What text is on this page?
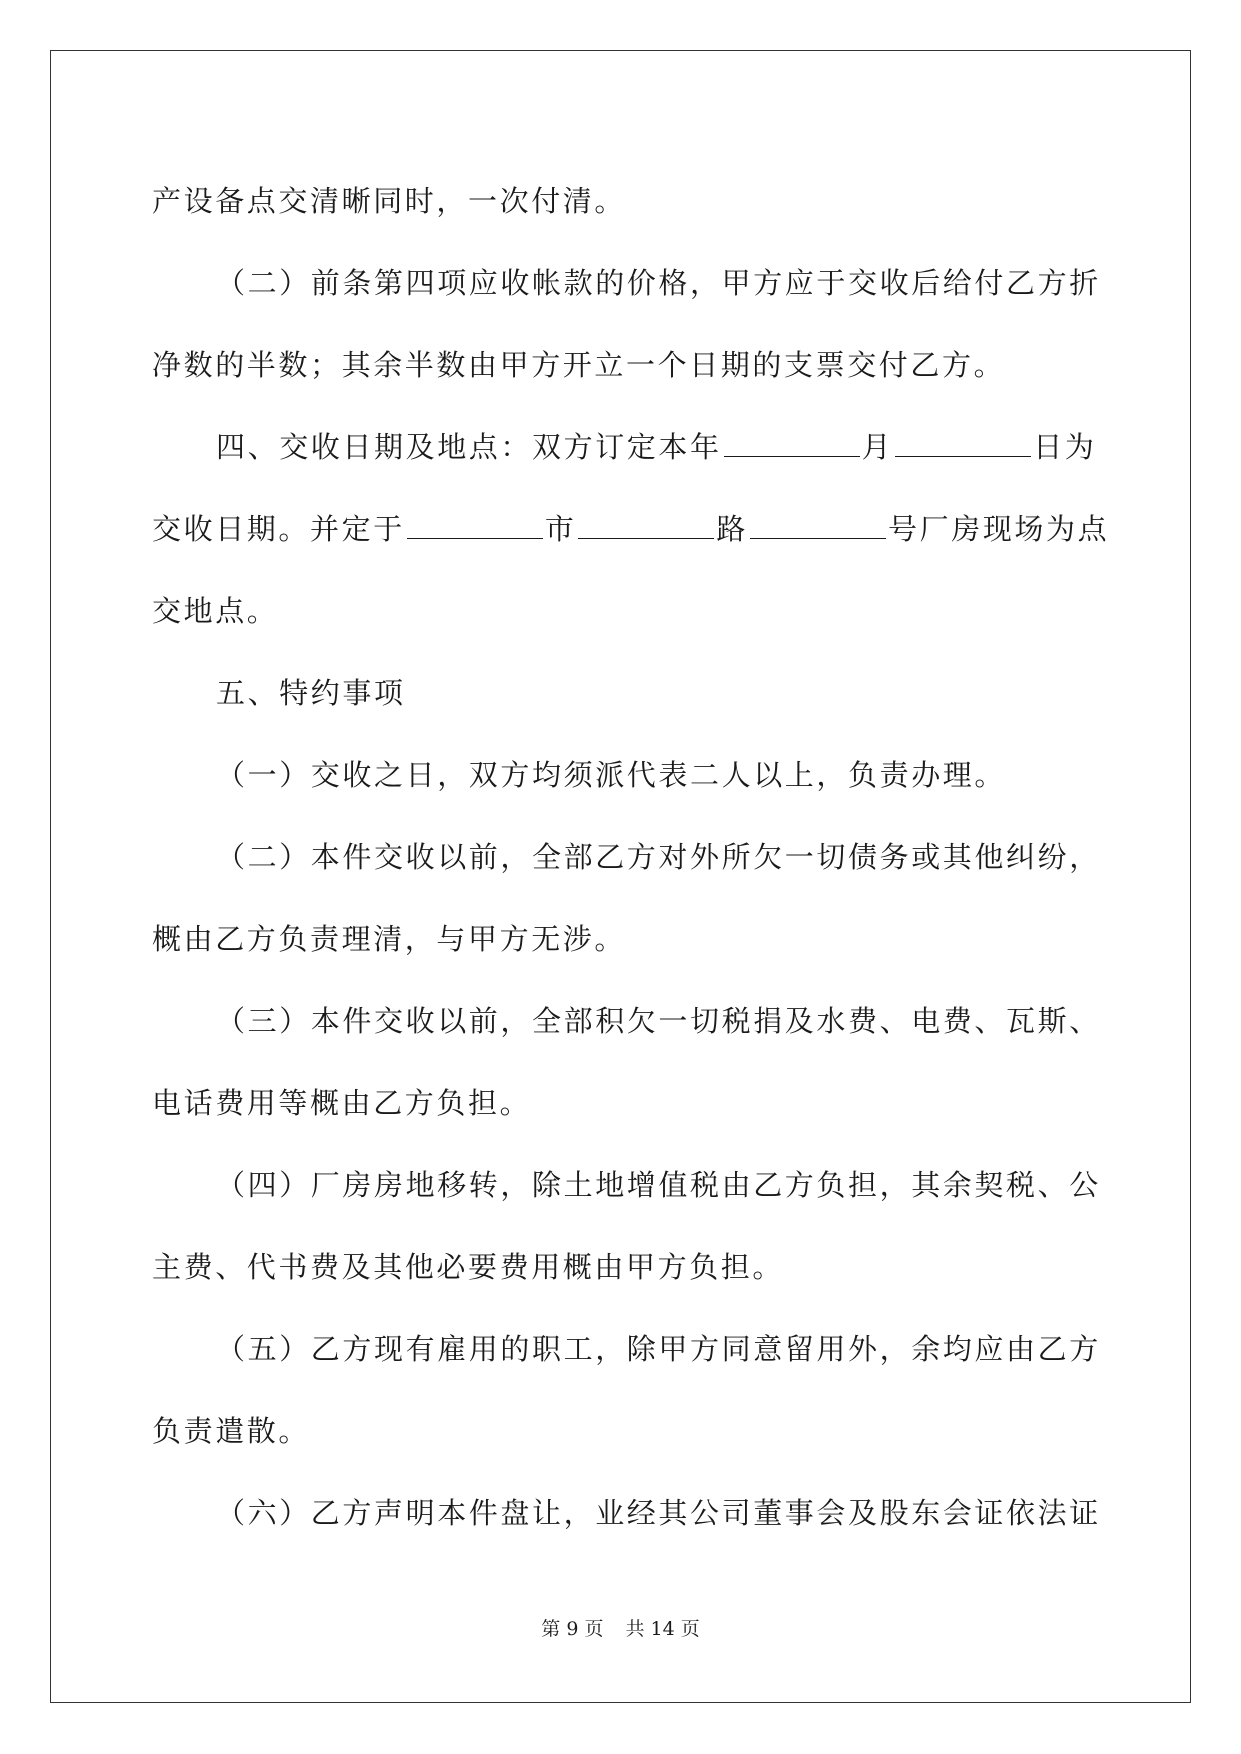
产设备点交清晰同时，一次付清。

（二）前条第四项应收帐款的价格，甲方应于交收后给付乙方折

净数的半数；其余半数由甲方开立一个日期的支票交付乙方。

四、交收日期及地点：双方订定本年	月	日为

交收日期。并定于	市	路	号厂房现场为点

交地点。

五、特约事项

（一）交收之日，双方均须派代表二人以上，负责办理。

（二）本件交收以前，全部乙方对外所欠一切债务或其他纠纷，

概由乙方负责理清，与甲方无涉。

（三）本件交收以前，全部积欠一切税捐及水费、电费、瓦斯、

电话费用等概由乙方负担。

（四）厂房房地移转，除土地增值税由乙方负担，其余契税、公

主费、代书费及其他必要费用概由甲方负担。

（五）乙方现有雇用的职工，除甲方同意留用外，余均应由乙方

负责遣散。

（六）乙方声明本件盘让，业经其公司董事会及股东会证依法证

第 9 页 共 14 页
